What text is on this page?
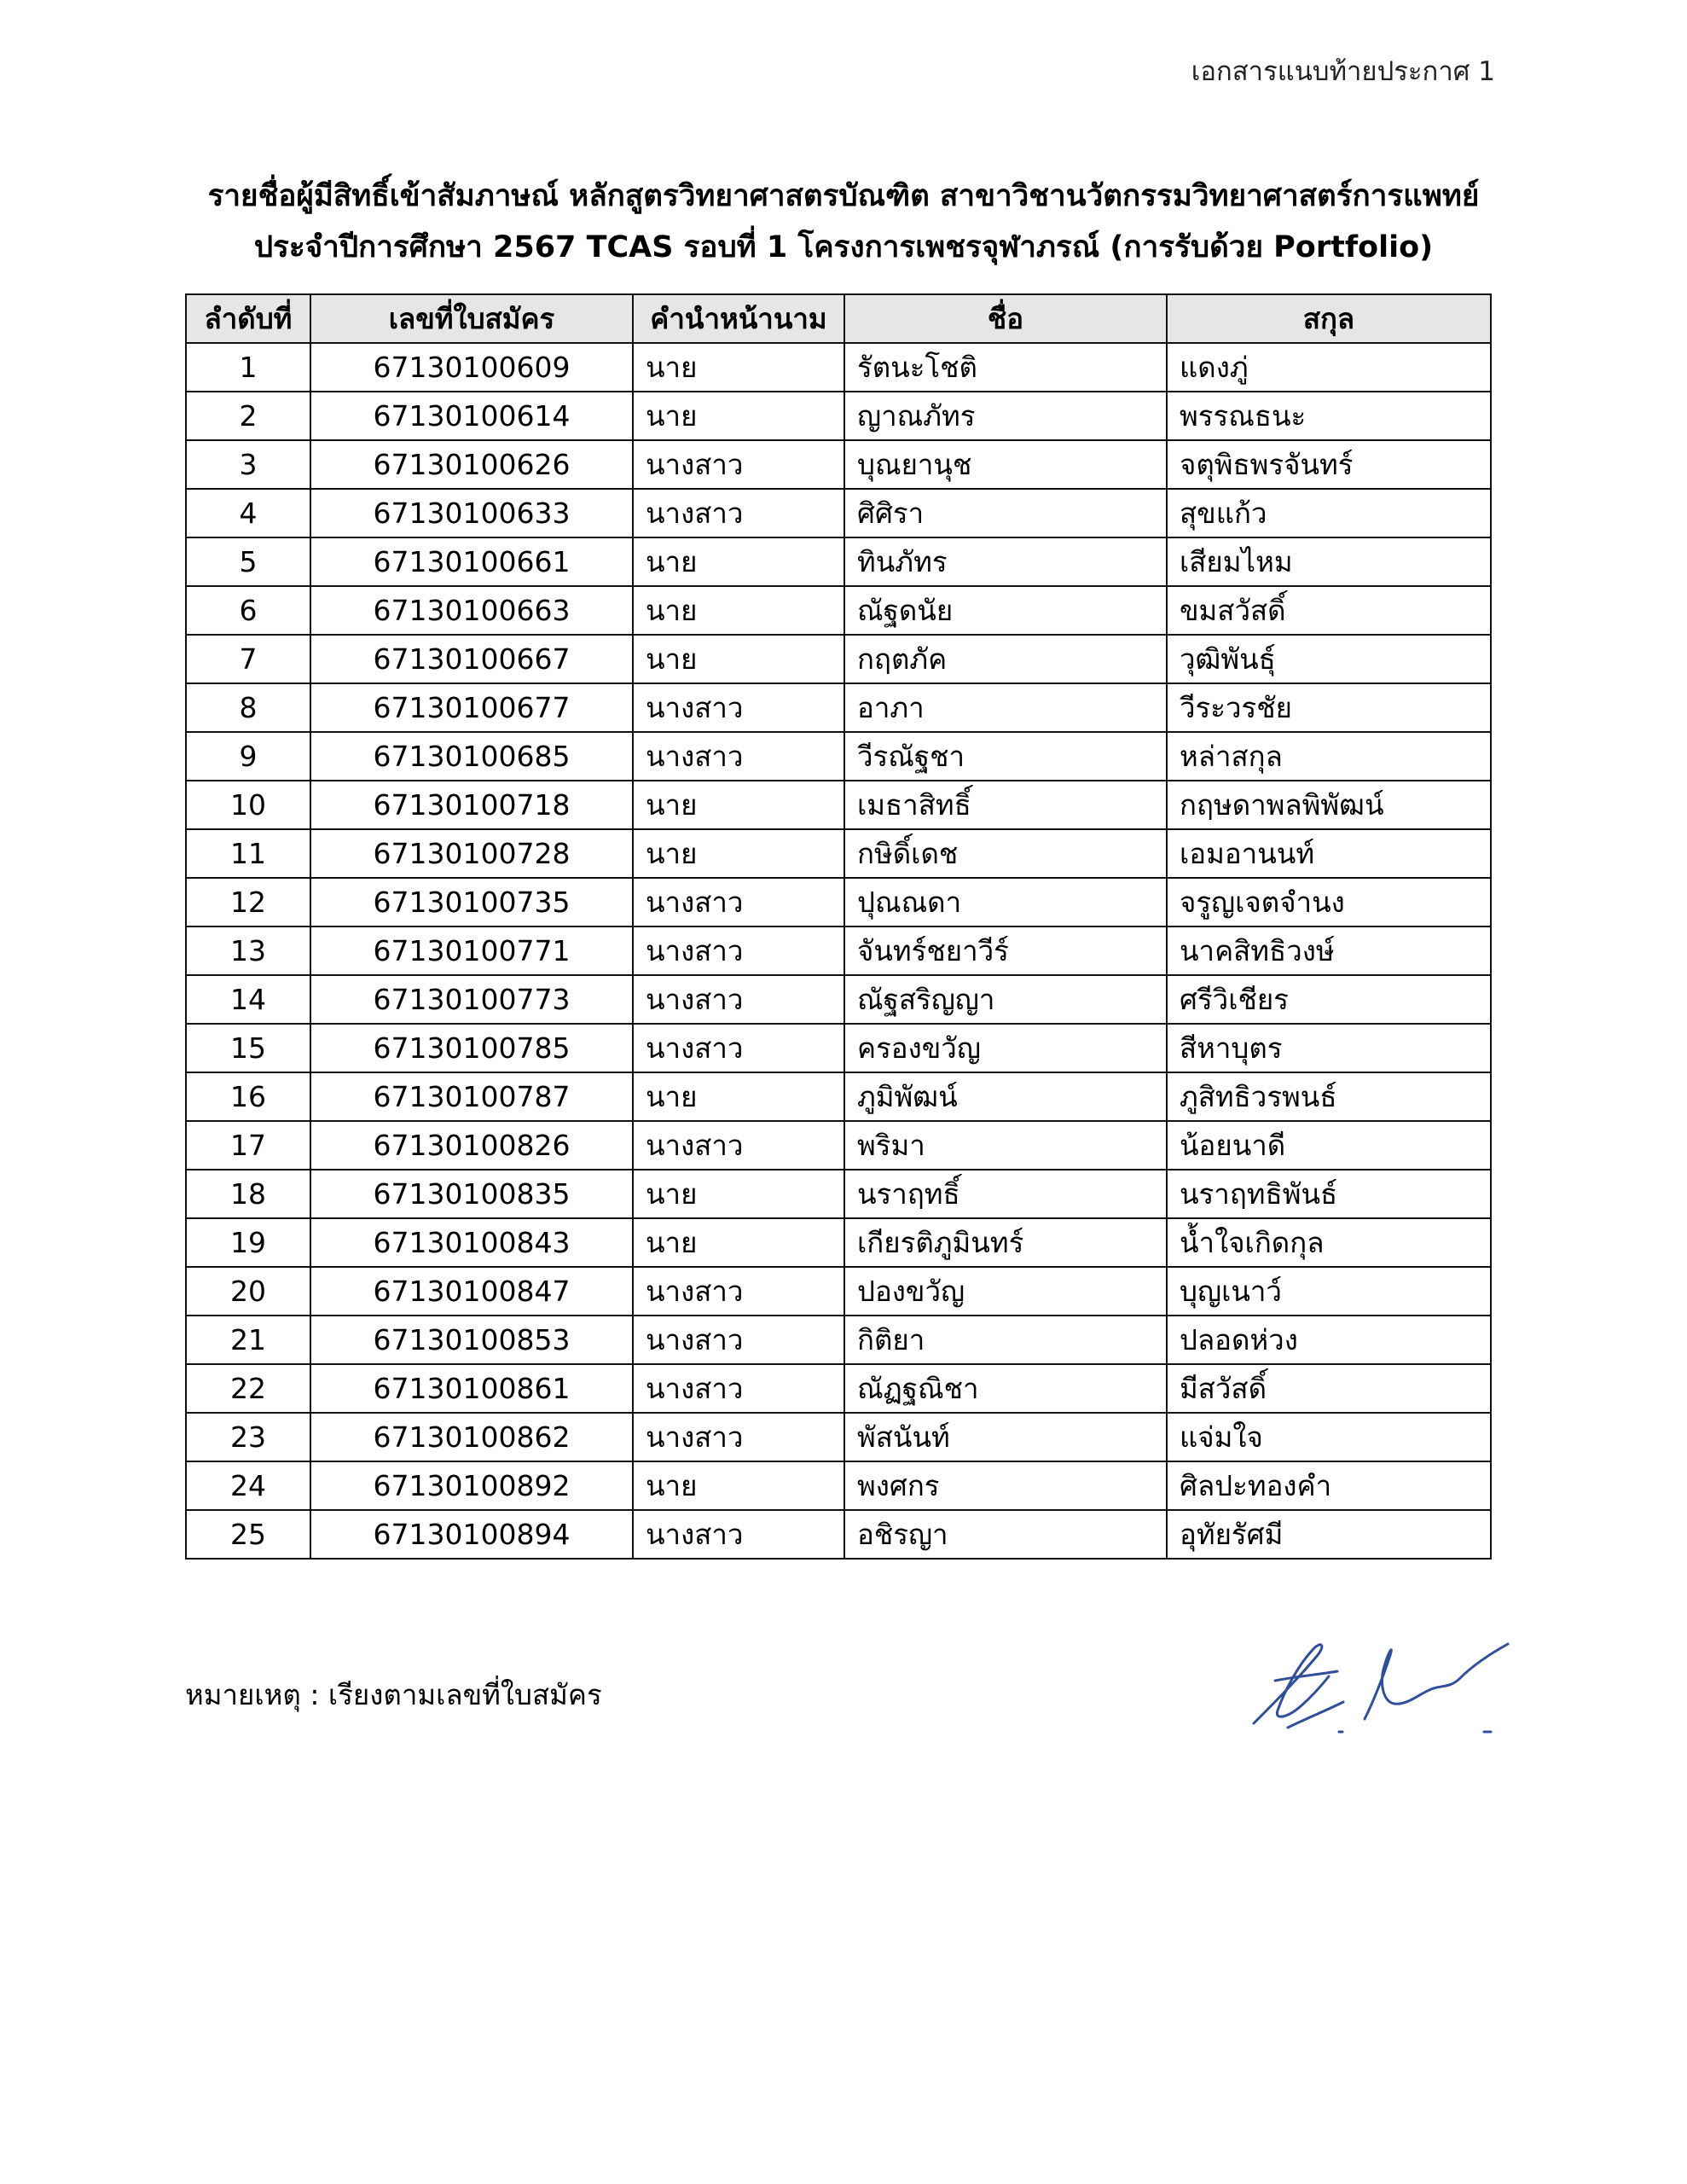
เอกสารแนบท้ายประกาศ 1
รายชื่อผู้มีสิทธิ์เข้าสัมภาษณ์ หลักสูตรวิทยาศาสตรบัณฑิต สาขาวิชานวัตกรรมวิทยาศาสตร์การแพทย์
ประจำปีการศึกษา 2567 TCAS รอบที่ 1 โครงการเพชรจุฬาภรณ์ (การรับด้วย Portfolio)
ลำดับที่	เลขที่ใบสมัคร	คำนำหน้านาม	ชื่อ	สกุล
1	67130100609	นาย	รัตนะโชติ	แดงภู่
2	67130100614	นาย	ญาณภัทร	พรรณธนะ
3	67130100626	นางสาว	บุณยานุช	จตุพิธพรจันทร์
4	67130100633	นางสาว	ศิศิรา	สุขแก้ว
5	67130100661	นาย	ทินภัทร	เสียมไหม
6	67130100663	นาย	ณัฐดนัย	ขมสวัสดิ์
7	67130100667	นาย	กฤตภัค	วุฒิพันธุ์
8	67130100677	นางสาว	อาภา	วีระวรชัย
9	67130100685	นางสาว	วีรณัฐชา	หล่าสกุล
10	67130100718	นาย	เมธาสิทธิ์	กฤษดาพลพิพัฒน์
11	67130100728	นาย	กษิดิ์เดช	เอมอานนท์
12	67130100735	นางสาว	ปุณณดา	จรูญเจตจำนง
13	67130100771	นางสาว	จันทร์ชยาวีร์	นาคสิทธิวงษ์
14	67130100773	นางสาว	ณัฐสริญญา	ศรีวิเชียร
15	67130100785	นางสาว	ครองขวัญ	สีหาบุตร
16	67130100787	นาย	ภูมิพัฒน์	ภูสิทธิวรพนธ์
17	67130100826	นางสาว	พริมา	น้อยนาดี
18	67130100835	นาย	นราฤทธิ์	นราฤทธิพันธ์
19	67130100843	นาย	เกียรติภูมินทร์	น้ำใจเกิดกุล
20	67130100847	นางสาว	ปองขวัญ	บุญเนาว์
21	67130100853	นางสาว	กิติยา	ปลอดห่วง
22	67130100861	นางสาว	ณัฏฐณิชา	มีสวัสดิ์
23	67130100862	นางสาว	พัสนันท์	แจ่มใจ
24	67130100892	นาย	พงศกร	ศิลปะทองคำ
25	67130100894	นางสาว	อชิรญา	อุทัยรัศมี
หมายเหตุ : เรียงตามเลขที่ใบสมัคร
